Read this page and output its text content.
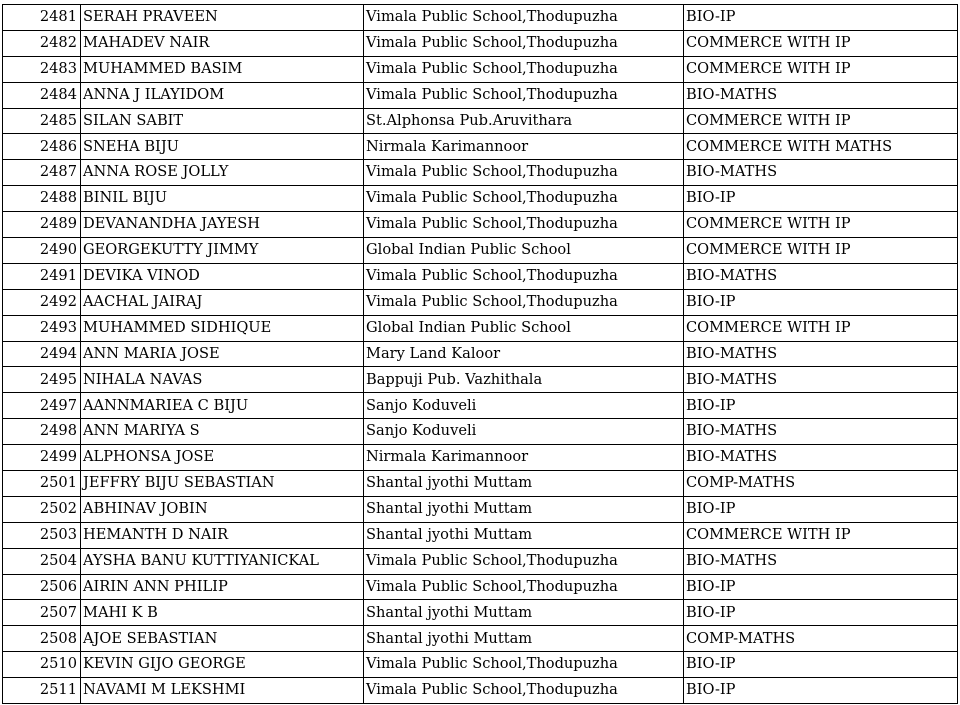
2481	SERAH PRAVEEN	Vimala Public School,Thodupuzha	BIO-IP
2482	MAHADEV NAIR	Vimala Public School,Thodupuzha	COMMERCE WITH IP
2483	MUHAMMED BASIM	Vimala Public School,Thodupuzha	COMMERCE WITH IP
2484	ANNA J ILAYIDOM	Vimala Public School,Thodupuzha	BIO-MATHS
2485	SILAN SABIT	St.Alphonsa Pub.Aruvithara	COMMERCE WITH IP
2486	SNEHA BIJU	Nirmala Karimannoor	COMMERCE WITH MATHS
2487	ANNA ROSE JOLLY	Vimala Public School,Thodupuzha	BIO-MATHS
2488	BINIL BIJU	Vimala Public School,Thodupuzha	BIO-IP
2489	DEVANANDHA JAYESH	Vimala Public School,Thodupuzha	COMMERCE WITH IP
2490	GEORGEKUTTY JIMMY	Global Indian Public School	COMMERCE WITH IP
2491	DEVIKA VINOD	Vimala Public School,Thodupuzha	BIO-MATHS
2492	AACHAL JAIRAJ	Vimala Public School,Thodupuzha	BIO-IP
2493	MUHAMMED SIDHIQUE	Global Indian Public School	COMMERCE WITH IP
2494	ANN MARIA JOSE	Mary Land Kaloor	BIO-MATHS
2495	NIHALA NAVAS	Bappuji Pub. Vazhithala	BIO-MATHS
2497	AANNMARIEA C BIJU	Sanjo Koduveli	BIO-IP
2498	ANN MARIYA S	Sanjo Koduveli	BIO-MATHS
2499	ALPHONSA JOSE	Nirmala Karimannoor	BIO-MATHS
2501	JEFFRY BIJU SEBASTIAN	Shantal jyothi Muttam	COMP-MATHS
2502	ABHINAV JOBIN	Shantal jyothi Muttam	BIO-IP
2503	HEMANTH D NAIR	Shantal jyothi Muttam	COMMERCE WITH IP
2504	AYSHA BANU KUTTIYANICKAL	Vimala Public School,Thodupuzha	BIO-MATHS
2506	AIRIN ANN PHILIP	Vimala Public School,Thodupuzha	BIO-IP
2507	MAHI K B	Shantal jyothi Muttam	BIO-IP
2508	AJOE SEBASTIAN	Shantal jyothi Muttam	COMP-MATHS
2510	KEVIN GIJO GEORGE	Vimala Public School,Thodupuzha	BIO-IP
2511	NAVAMI M LEKSHMI	Vimala Public School,Thodupuzha	BIO-IP
